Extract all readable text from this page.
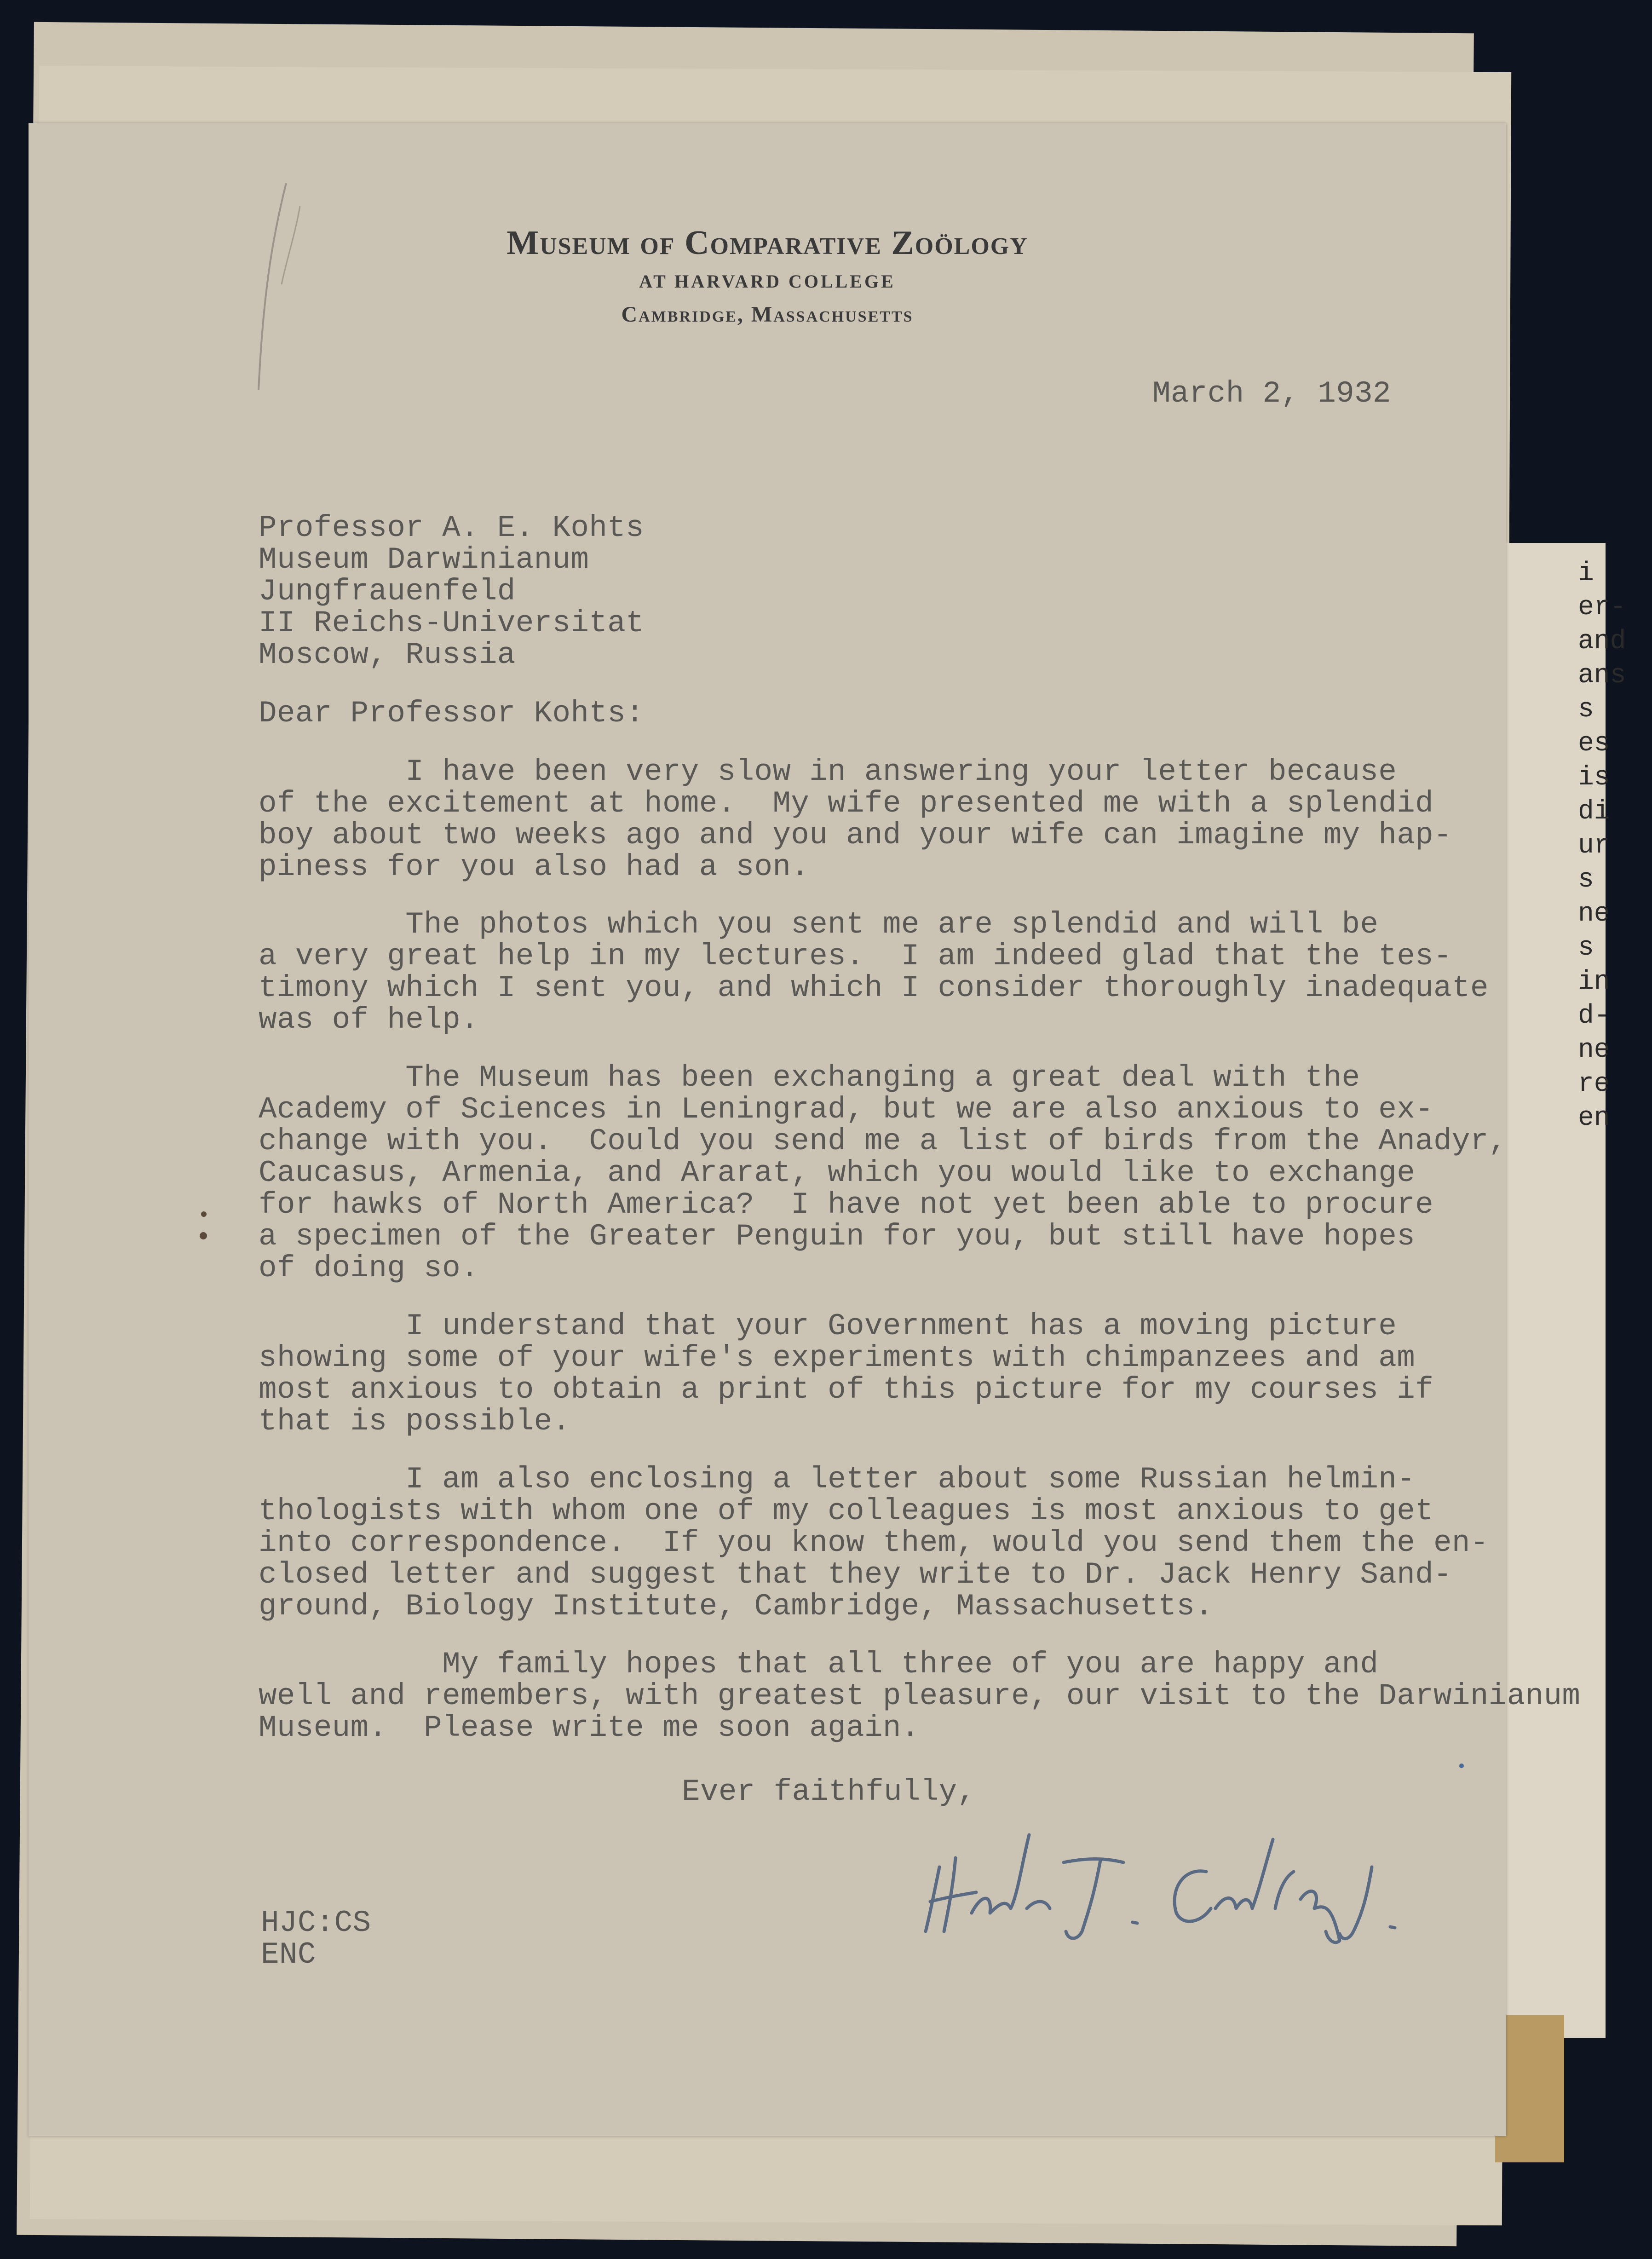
i er- and ans s es is di ur s ne s in d- ne re en
Museum of Comparative Zoölogy
AT HARVARD COLLEGE
Cambridge, Massachusetts
March 2, 1932
Professor A. E. Kohts
Museum Darwinianum
Jungfrauenfeld
II Reichs-Universitat
Moscow, Russia
Dear Professor Kohts:
I have been very slow in answering your letter because
of the excitement at home.  My wife presented me with a splendid
boy about two weeks ago and you and your wife can imagine my hap-
piness for you also had a son.
The photos which you sent me are splendid and will be
a very great help in my lectures.  I am indeed glad that the tes-
timony which I sent you, and which I consider thoroughly inadequate
was of help.
The Museum has been exchanging a great deal with the
Academy of Sciences in Leningrad, but we are also anxious to ex-
change with you.  Could you send me a list of birds from the Anadyr,
Caucasus, Armenia, and Ararat, which you would like to exchange
for hawks of North America?  I have not yet been able to procure
a specimen of the Greater Penguin for you, but still have hopes
of doing so.
I understand that your Government has a moving picture
showing some of your wife's experiments with chimpanzees and am
most anxious to obtain a print of this picture for my courses if
that is possible.
I am also enclosing a letter about some Russian helmin-
thologists with whom one of my colleagues is most anxious to get
into correspondence.  If you know them, would you send them the en-
closed letter and suggest that they write to Dr. Jack Henry Sand-
ground, Biology Institute, Cambridge, Massachusetts.
My family hopes that all three of you are happy and
well and remembers, with greatest pleasure, our visit to the Darwinianum
Museum.  Please write me soon again.
Ever faithfully,
HJC:CS
ENC
